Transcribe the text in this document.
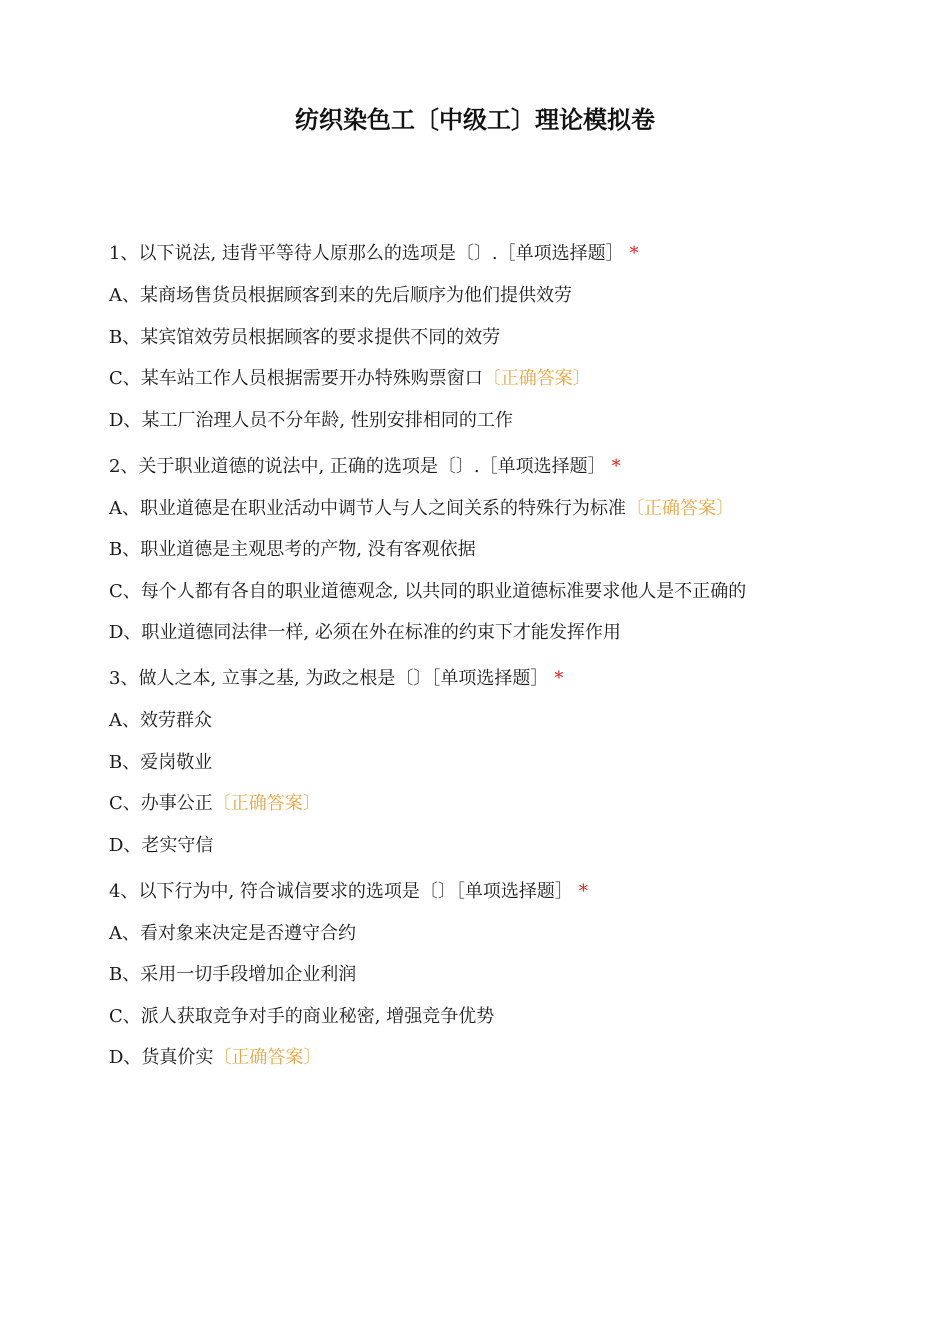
纺织染色工〔中级工〕理论模拟卷
1、以下说法, 违背平等待人原那么的选项是〔〕.［单项选择题］ *
A、某商场售货员根据顾客到来的先后顺序为他们提供效劳
B、某宾馆效劳员根据顾客的要求提供不同的效劳
C、某车站工作人员根据需要开办特殊购票窗口〔正确答案〕
D、某工厂治理人员不分年龄, 性别安排相同的工作
2、关于职业道德的说法中, 正确的选项是〔〕.［单项选择题］ *
A、职业道德是在职业活动中调节人与人之间关系的特殊行为标准〔正确答案〕
B、职业道德是主观思考的产物, 没有客观依据
C、每个人都有各自的职业道德观念, 以共同的职业道德标准要求他人是不正确的
D、职业道德同法律一样, 必须在外在标准的约束下才能发挥作用
3、做人之本, 立事之基, 为政之根是〔〕［单项选择题］ *
A、效劳群众
B、爱岗敬业
C、办事公正〔正确答案〕
D、老实守信
4、以下行为中, 符合诚信要求的选项是〔〕［单项选择题］ *
A、看对象来决定是否遵守合约
B、采用一切手段增加企业利润
C、派人获取竞争对手的商业秘密, 增强竞争优势
D、货真价实〔正确答案〕
